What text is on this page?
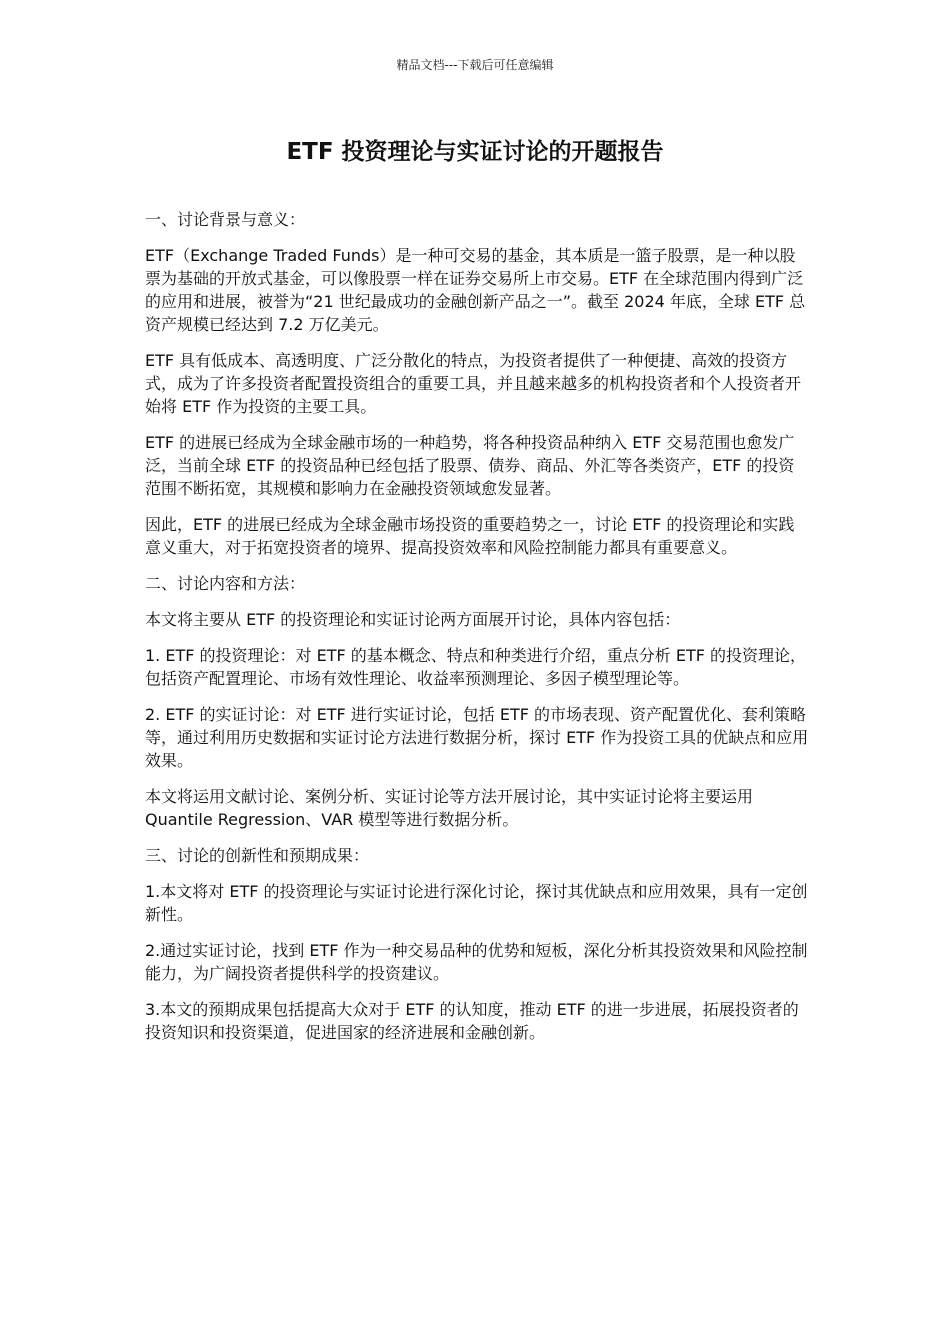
精品文档---下载后可任意编辑
ETF 投资理论与实证讨论的开题报告

一、讨论背景与意义：

ETF（Exchange Traded Funds）是一种可交易的基金，其本质是一篮子股票，是一种以股票为基础的开放式基金，可以像股票一样在证券交易所上市交易。ETF 在全球范围内得到广泛的应用和进展，被誉为“21 世纪最成功的金融创新产品之一”。截至 2024 年底，全球 ETF 总资产规模已经达到 7.2 万亿美元。

ETF 具有低成本、高透明度、广泛分散化的特点，为投资者提供了一种便捷、高效的投资方式，成为了许多投资者配置投资组合的重要工具，并且越来越多的机构投资者和个人投资者开始将 ETF 作为投资的主要工具。

ETF 的进展已经成为全球金融市场的一种趋势，将各种投资品种纳入 ETF 交易范围也愈发广泛，当前全球 ETF 的投资品种已经包括了股票、债券、商品、外汇等各类资产，ETF 的投资范围不断拓宽，其规模和影响力在金融投资领域愈发显著。

因此，ETF 的进展已经成为全球金融市场投资的重要趋势之一，讨论 ETF 的投资理论和实践意义重大，对于拓宽投资者的境界、提高投资效率和风险控制能力都具有重要意义。

二、讨论内容和方法：

本文将主要从 ETF 的投资理论和实证讨论两方面展开讨论，具体内容包括：

1. ETF 的投资理论：对 ETF 的基本概念、特点和种类进行介绍，重点分析 ETF 的投资理论，包括资产配置理论、市场有效性理论、收益率预测理论、多因子模型理论等。

2. ETF 的实证讨论：对 ETF 进行实证讨论，包括 ETF 的市场表现、资产配置优化、套利策略等，通过利用历史数据和实证讨论方法进行数据分析，探讨 ETF 作为投资工具的优缺点和应用效果。

本文将运用文献讨论、案例分析、实证讨论等方法开展讨论，其中实证讨论将主要运用 Quantile Regression、VAR 模型等进行数据分析。

三、讨论的创新性和预期成果：

1.本文将对 ETF 的投资理论与实证讨论进行深化讨论，探讨其优缺点和应用效果，具有一定创新性。

2.通过实证讨论，找到 ETF 作为一种交易品种的优势和短板，深化分析其投资效果和风险控制能力，为广阔投资者提供科学的投资建议。

3.本文的预期成果包括提高大众对于 ETF 的认知度，推动 ETF 的进一步进展，拓展投资者的投资知识和投资渠道，促进国家的经济进展和金融创新。
